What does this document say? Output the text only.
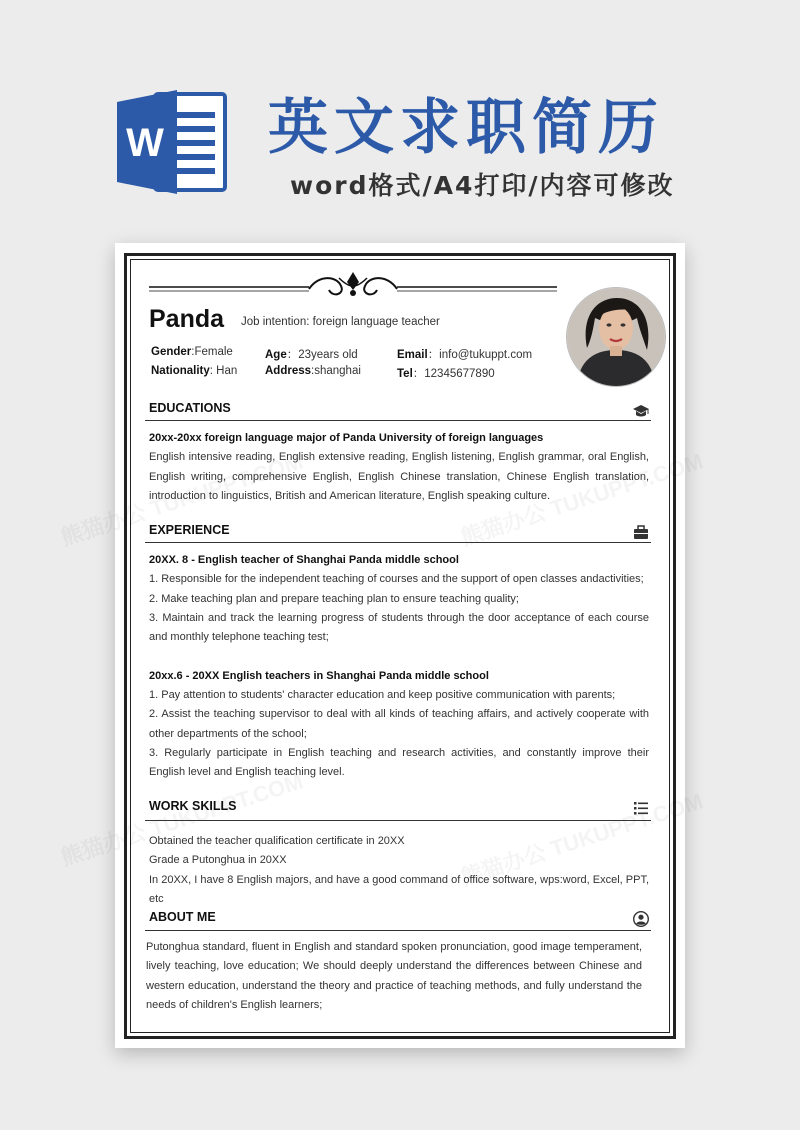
W 英文求职简历
word格式/A4打印/内容可修改
Panda Job intention: foreign language teacher
Gender:Female	Age：23years old	Email：info@tukuppt.com
Nationality: Han Address:shanghai	Tel：12345677890
EDUCATIONS

20xx-20xx foreign language major of Panda University of foreign languages

English intensive reading, English extensive reading, English listening, English grammar, oral English, English writing, comprehensive English, English Chinese translation, Chinese English translation, introduction to linguistics, British and American literature, English speaking culture.

EXPERIENCE

20XX. 8 - English teacher of Shanghai Panda middle school

1. Responsible for the independent teaching of courses and the support of open classes andactivities;

2. Make teaching plan and prepare teaching plan to ensure teaching quality;

3. Maintain and track the learning progress of students through the door acceptance of each course and monthly telephone teaching test;

20xx.6 - 20XX English teachers in Shanghai Panda middle school

1. Pay attention to students' character education and keep positive communication with parents;

2. Assist the teaching supervisor to deal with all kinds of teaching affairs, and actively cooperate with other departments of the school;

3. Regularly participate in English teaching and research activities, and constantly improve their English level and English teaching level.

WORK SKILLS

Obtained the teacher qualification certificate in 20XX

Grade a Putonghua in 20XX

In 20XX, I have 8 English majors, and have a good command of office software, wps:word, Excel, PPT, etc

ABOUT ME

Putonghua standard, fluent in English and standard spoken pronunciation, good image temperament, lively teaching, love education; We should deeply understand the differences between Chinese and western education, understand the theory and practice of teaching methods, and fully understand the needs of children's English learners;
